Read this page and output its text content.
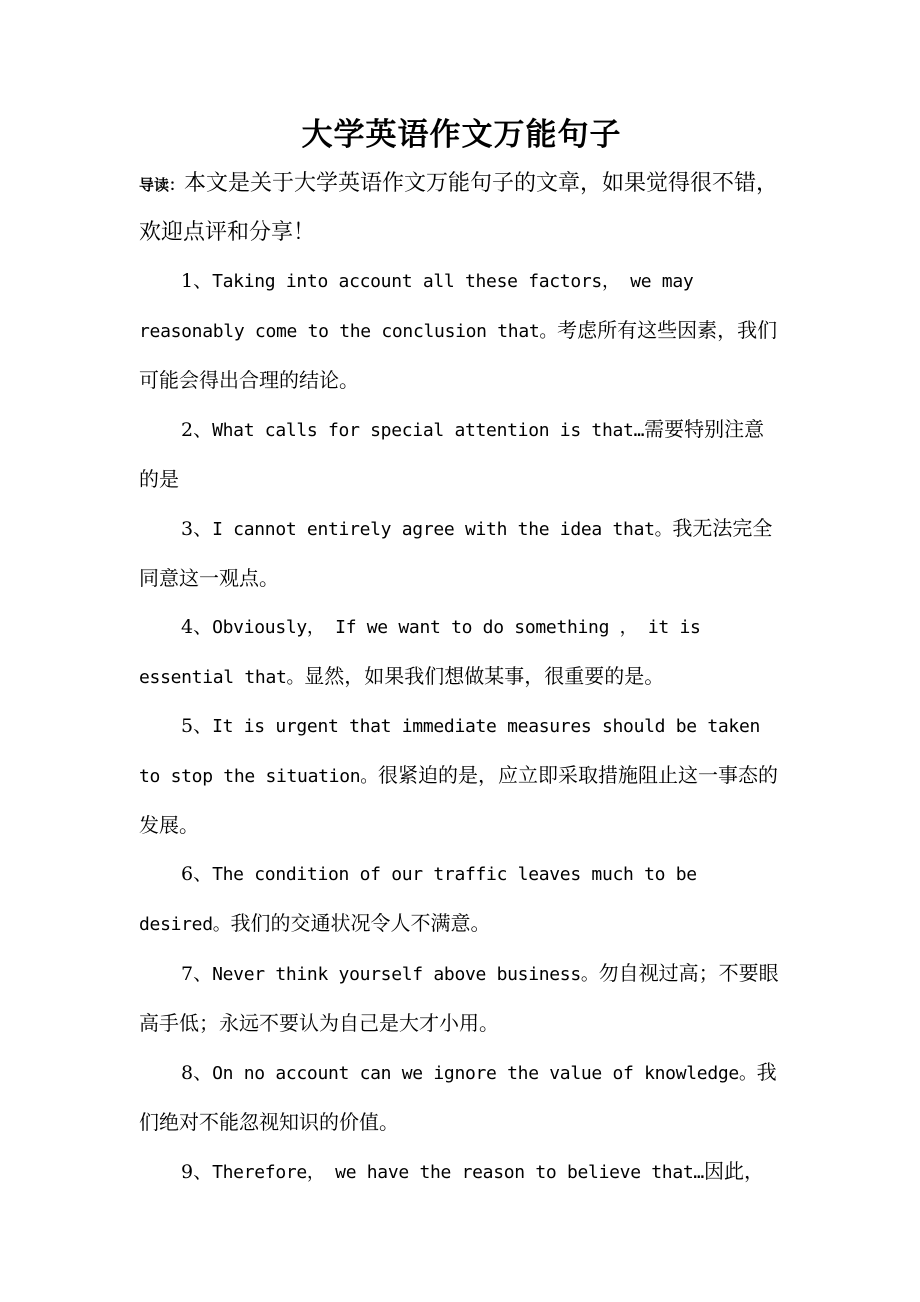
大学英语作文万能句子

导读：本文是关于大学英语作文万能句子的文章，如果觉得很不错，欢迎点评和分享！

1、Taking into account all these factors， we may reasonably come to the conclusion that。考虑所有这些因素，我们可能会得出合理的结论。

2、What calls for special attention is that…需要特别注意的是

3、I cannot entirely agree with the idea that。我无法完全同意这一观点。

4、Obviously， If we want to do something ， it is essential that。显然，如果我们想做某事，很重要的是。

5、It is urgent that immediate measures should be taken to stop the situation。很紧迫的是，应立即采取措施阻止这一事态的发展。

6、The condition of our traffic leaves much to be desired。我们的交通状况令人不满意。

7、Never think yourself above business。勿自视过高；不要眼高手低；永远不要认为自己是大才小用。

8、On no account can we ignore the value of knowledge。我们绝对不能忽视知识的价值。

9、Therefore， we have the reason to believe that…因此，
